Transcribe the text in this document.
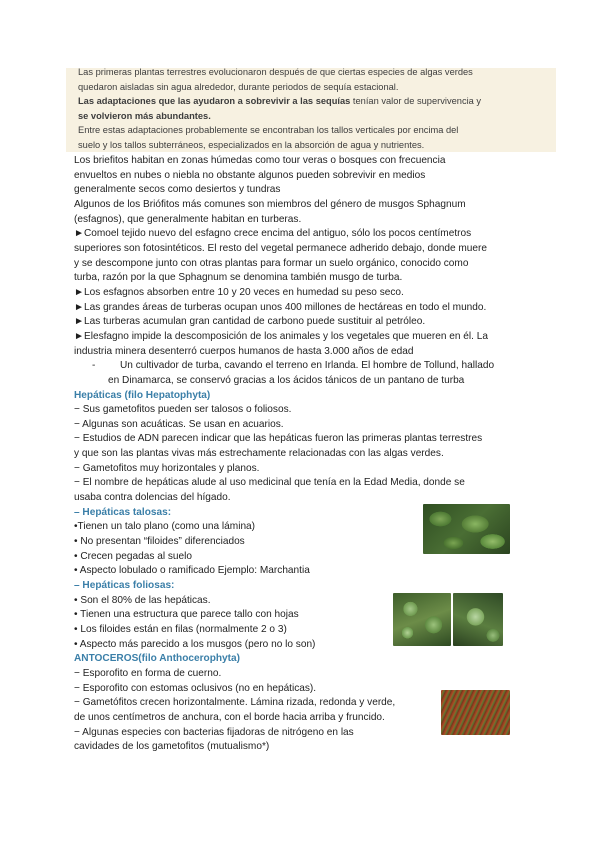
Las primeras plantas terrestres evolucionaron después de que ciertas especies de algas verdes

quedaron aisladas sin agua alrededor, durante periodos de sequía estacional.

Las adaptaciones que las ayudaron a sobrevivir a las sequías tenían valor de supervivencia y

se volvieron más abundantes.

Entre estas adaptaciones probablemente se encontraban los tallos verticales por encima del

suelo y los tallos subterráneos, especializados en la absorción de agua y nutrientes.

Los briefitos habitan en zonas húmedas como tour veras o bosques con frecuencia
envueltos en nubes o niebla no obstante algunos pueden sobrevivir en medios
generalmente secos como desiertos y tundras
Algunos de los Briófitos más comunes son miembros del género de musgos Sphagnum
(esfagnos), que generalmente habitan en turberas.
►Comoel tejido nuevo del esfagno crece encima del antiguo, sólo los pocos centímetros
superiores son fotosintéticos. El resto del vegetal permanece adherido debajo, donde muere
y se descompone junto con otras plantas para formar un suelo orgánico, conocido como
turba, razón por la que Sphagnum se denomina también musgo de turba.
►Los esfagnos absorben entre 10 y 20 veces en humedad su peso seco.
►Las grandes áreas de turberas ocupan unos 400 millones de hectáreas en todo el mundo.
►Las turberas acumulan gran cantidad de carbono puede sustituir al petróleo.
►Elesfagno impide la descomposición de los animales y los vegetales que mueren en él. La
industria minera desenterró cuerpos humanos de hasta 3.000 años de edad
- Un cultivador de turba, cavando el terreno en Irlanda. El hombre de Tollund, hallado
en Dinamarca, se conservó gracias a los ácidos tánicos de un pantano de turba
Hepáticas (filo Hepatophyta)
− Sus gametofitos pueden ser talosos o foliosos.
− Algunas son acuáticas. Se usan en acuarios.
− Estudios de ADN parecen indicar que las hepáticas fueron las primeras plantas terrestres
y que son las plantas vivas más estrechamente relacionadas con las algas verdes.
− Gametofitos muy horizontales y planos.
− El nombre de hepáticas alude al uso medicinal que tenía en la Edad Media, donde se
usaba contra dolencias del hígado.
– Hepáticas talosas:
•Tienen un talo plano (como una lámina)
• No presentan “filoides” diferenciados
• Crecen pegadas al suelo
• Aspecto lobulado o ramificado Ejemplo: Marchantia
– Hepáticas foliosas:
• Son el 80% de las hepáticas.
• Tienen una estructura que parece tallo con hojas
• Los filoides están en filas (normalmente 2 o 3)
• Aspecto más parecido a los musgos (pero no lo son)
ANTOCEROS(filo Anthocerophyta)
− Esporofito en forma de cuerno.
− Esporofito con estomas oclusivos (no en hepáticas).
− Gametófitos crecen horizontalmente. Lámina rizada, redonda y verde,
de unos centímetros de anchura, con el borde hacia arriba y fruncido.
− Algunas especies con bacterias fijadoras de nitrógeno en las
cavidades de los gametofitos (mutualismo*)
